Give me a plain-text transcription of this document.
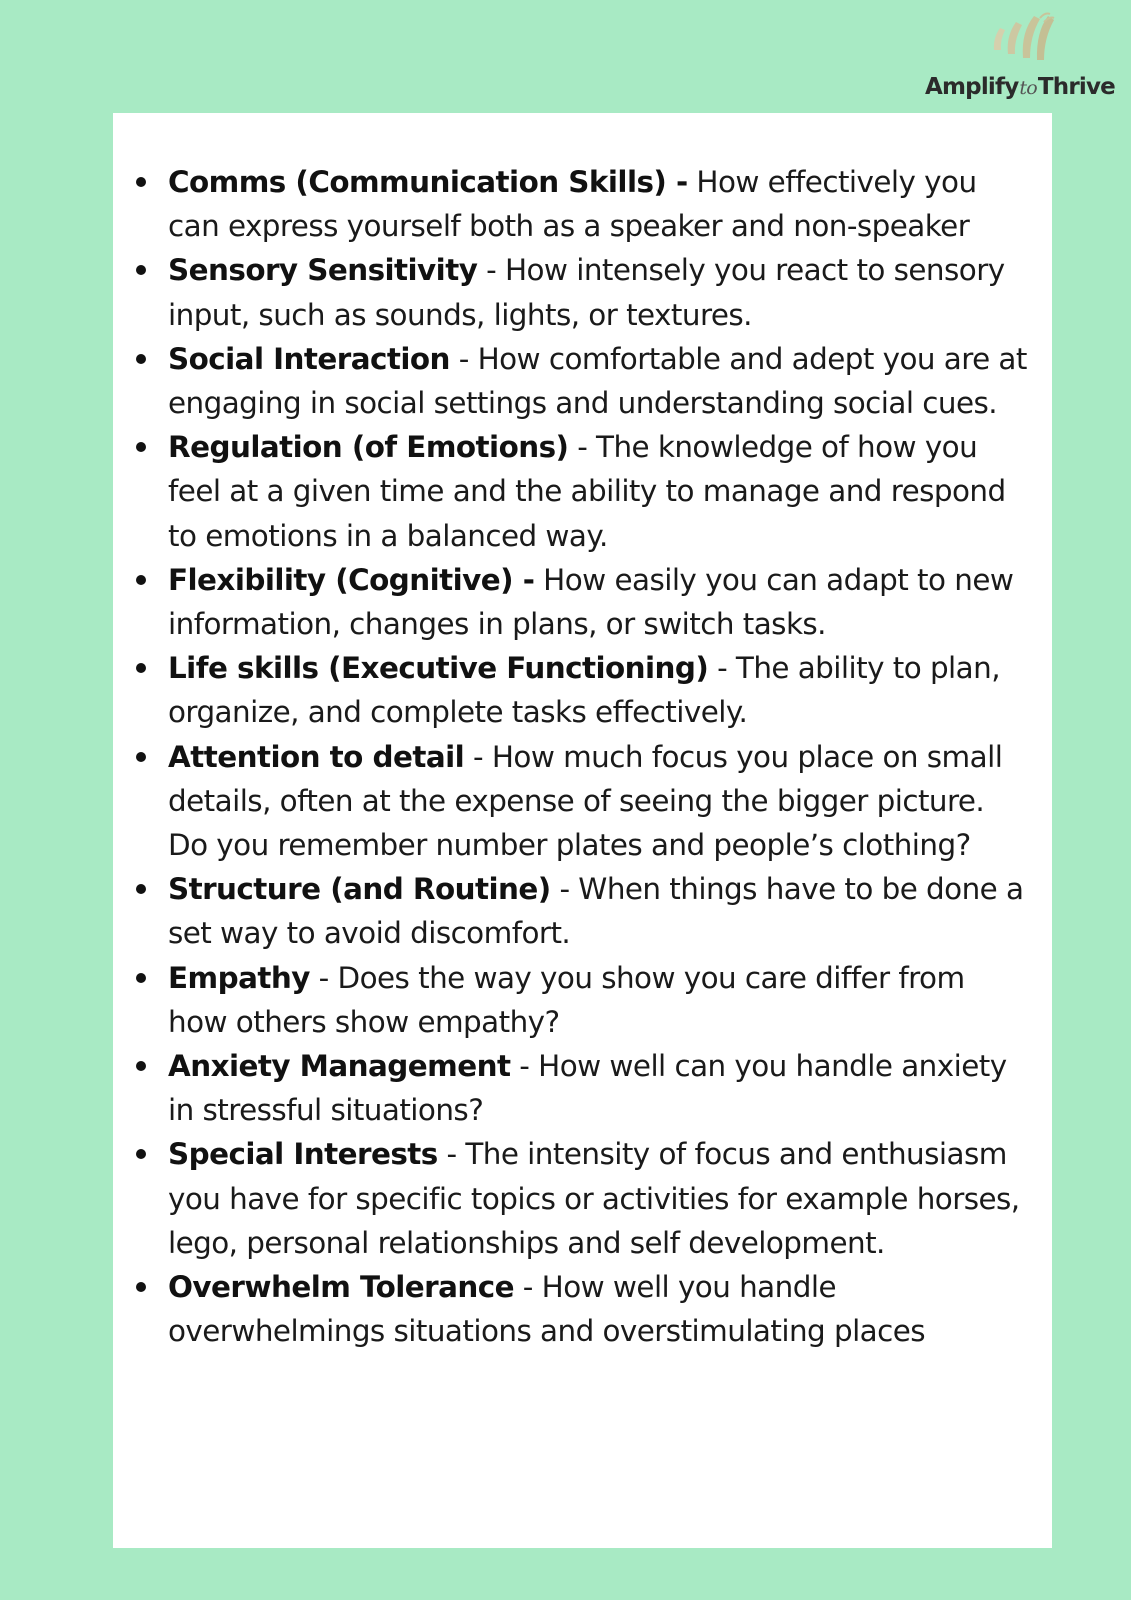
AmplifytoThrive
Comms (Communication Skills) - How effectively you can express yourself both as a speaker and non-speaker
Sensory Sensitivity - How intensely you react to sensory input, such as sounds, lights, or textures.
Social Interaction - How comfortable and adept you are at engaging in social settings and understanding social cues.
Regulation (of Emotions) - The knowledge of how you feel at a given time and the ability to manage and respond to emotions in a balanced way.
Flexibility (Cognitive) - How easily you can adapt to new information, changes in plans, or switch tasks.
Life skills (Executive Functioning) - The ability to plan, organize, and complete tasks effectively.
Attention to detail - How much focus you place on small details, often at the expense of seeing the bigger picture. Do you remember number plates and people’s clothing?
Structure (and Routine) - When things have to be done a set way to avoid discomfort.
Empathy - Does the way you show you care differ from how others show empathy?
Anxiety Management - How well can you handle anxiety in stressful situations?
Special Interests - The intensity of focus and enthusiasm you have for specific topics or activities for example horses, lego, personal relationships and self development.
Overwhelm Tolerance - How well you handle overwhelmings situations and overstimulating places
